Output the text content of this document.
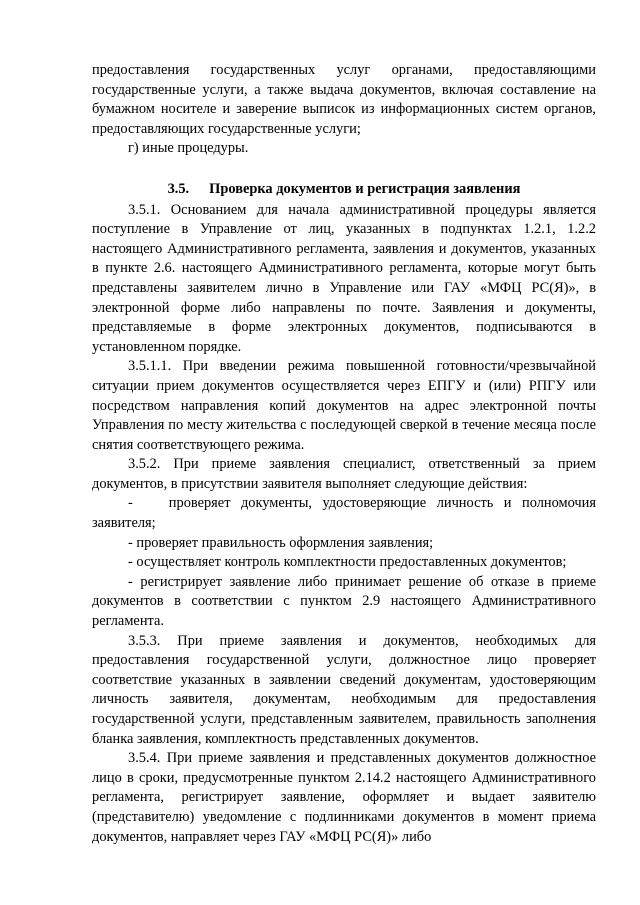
предоставления государственных услуг органами, предоставляющими государственные услуги, а также выдача документов, включая составление на бумажном носителе и заверение выписок из информационных систем органов, предоставляющих государственные услуги;

г) иные процедуры.

3.5. Проверка документов и регистрация заявления

3.5.1. Основанием для начала административной процедуры является поступление в Управление от лиц, указанных в подпунктах 1.2.1, 1.2.2 настоящего Административного регламента, заявления и документов, указанных в пункте 2.6. настоящего Административного регламента, которые могут быть представлены заявителем лично в Управление или ГАУ «МФЦ РС(Я)», в электронной форме либо направлены по почте. Заявления и документы, представляемые в форме электронных документов, подписываются в установленном порядке.

3.5.1.1. При введении режима повышенной готовности/чрезвычайной ситуации прием документов осуществляется через ЕПГУ и (или) РПГУ или посредством направления копий документов на адрес электронной почты Управления по месту жительства с последующей сверкой в течение месяца после снятия соответствующего режима.

3.5.2. При приеме заявления специалист, ответственный за прием документов, в присутствии заявителя выполняет следующие действия:

-	проверяет документы, удостоверяющие личность и полномочия заявителя;

- проверяет правильность оформления заявления;

- осуществляет контроль комплектности предоставленных документов;

- регистрирует заявление либо принимает решение об отказе в приеме документов в соответствии с пунктом 2.9 настоящего Административного регламента.

3.5.3. При приеме заявления и документов, необходимых для предоставления государственной услуги, должностное лицо проверяет соответствие указанных в заявлении сведений документам, удостоверяющим личность заявителя, документам, необходимым для предоставления государственной услуги, представленным заявителем, правильность заполнения бланка заявления, комплектность представленных документов.

3.5.4. При приеме заявления и представленных документов должностное лицо в сроки, предусмотренные пунктом 2.14.2 настоящего Административного регламента, регистрирует заявление, оформляет и выдает заявителю (представителю) уведомление с подлинниками документов в момент приема документов, направляет через ГАУ «МФЦ РС(Я)» либо
